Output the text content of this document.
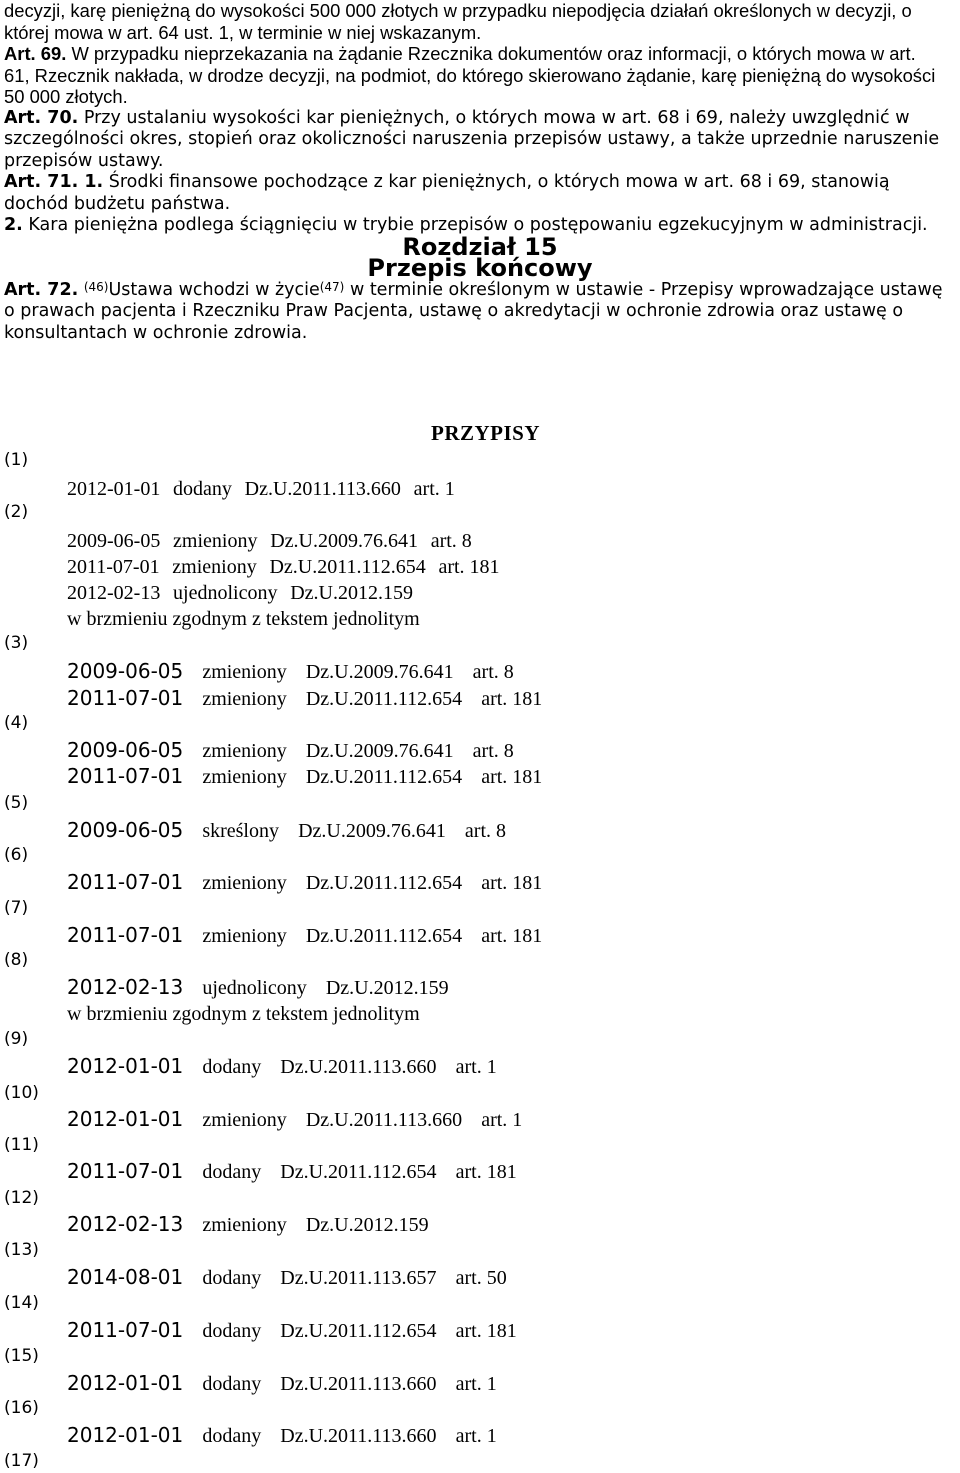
decyzji, karę pieniężną do wysokości 500 000 złotych w przypadku niepodjęcia działań określonych w decyzji, o

której mowa w art. 64 ust. 1, w terminie w niej wskazanym.

Art. 69. W przypadku nieprzekazania na żądanie Rzecznika dokumentów oraz informacji, o których mowa w art.

61, Rzecznik nakłada, w drodze decyzji, na podmiot, do którego skierowano żądanie, karę pieniężną do wysokości

50 000 złotych.

Art. 70. Przy ustalaniu wysokości kar pieniężnych, o których mowa w art. 68 i 69, należy uwzględnić w szczególności okres, stopień oraz okoliczności naruszenia przepisów ustawy, a także uprzednie naruszenie przepisów ustawy.

Art. 71. 1. Środki finansowe pochodzące z kar pieniężnych, o których mowa w art. 68 i 69, stanowią dochód budżetu państwa.

2. Kara pieniężna podlega ściągnięciu w trybie przepisów o postępowaniu egzekucyjnym w administracji.

Rozdział 15

Przepis końcowy

Art. 72. $^{(46)}$Ustawa wchodzi w życie$^{(47)}$ w terminie określonym w ustawie - Przepisy wprowadzające ustawę o prawach pacjenta i Rzeczniku Praw Pacjenta, ustawę o akredytacji w ochronie zdrowia oraz ustawę o konsultantach w ochronie zdrowia.

PRZYPISY
(1)
(2)
(3)
(4)
(5)
(6)
(7)
(8)
(9)
(10)
(11)
(12)
(13)
(14)
(15)
(16)
(17)
2012-01-01 dodany Dz.U.2011.113.660 art. 1
2009-06-05 zmieniony Dz.U.2009.76.641 art. 8
2011-07-01 zmieniony Dz.U.2011.112.654 art. 181
2012-02-13 ujednolicony Dz.U.2012.159
w brzmieniu zgodnym z tekstem jednolitym
2009-06-05 zmieniony Dz.U.2009.76.641 art. 8
2011-07-01 zmieniony Dz.U.2011.112.654 art. 181
2009-06-05 zmieniony Dz.U.2009.76.641 art. 8
2011-07-01 zmieniony Dz.U.2011.112.654 art. 181
2009-06-05 skreślony Dz.U.2009.76.641 art. 8
2011-07-01 zmieniony Dz.U.2011.112.654 art. 181
2011-07-01 zmieniony Dz.U.2011.112.654 art. 181
2012-02-13 ujednolicony Dz.U.2012.159
w brzmieniu zgodnym z tekstem jednolitym
2012-01-01 dodany Dz.U.2011.113.660 art. 1
2012-01-01 zmieniony Dz.U.2011.113.660 art. 1
2011-07-01 dodany Dz.U.2011.112.654 art. 181
2012-02-13 zmieniony Dz.U.2012.159
2014-08-01 dodany Dz.U.2011.113.657 art. 50
2011-07-01 dodany Dz.U.2011.112.654 art. 181
2012-01-01 dodany Dz.U.2011.113.660 art. 1
2012-01-01 dodany Dz.U.2011.113.660 art. 1
